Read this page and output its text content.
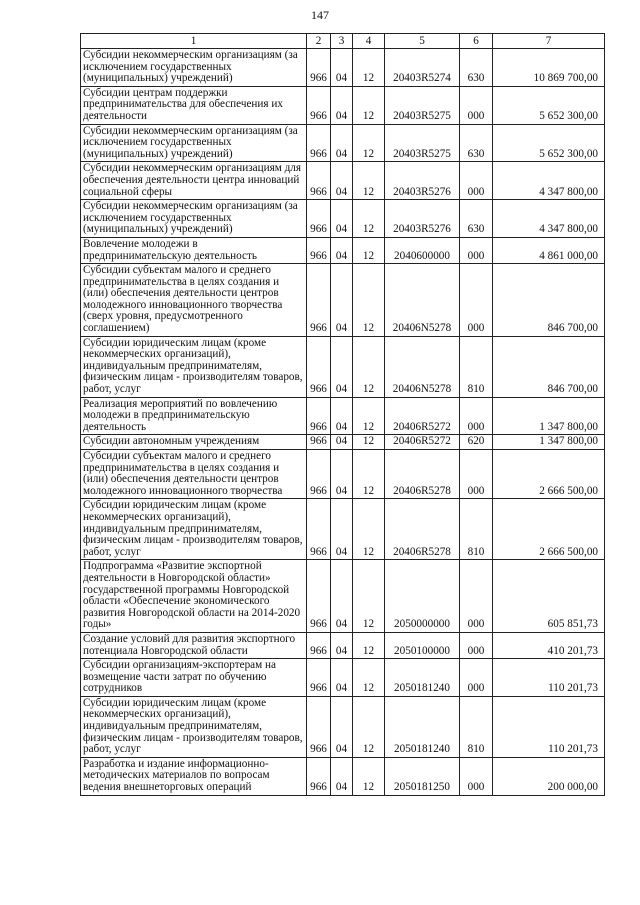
147
1	2	3	4	5	6	7
Субсидии некоммерческим организациям (за исключением государственных (муниципальных) учреждений)	966	04	12	20403R5274	630	10 869 700,00
Субсидии центрам поддержки предпринимательства для обеспечения их деятельности	966	04	12	20403R5275	000	5 652 300,00
Субсидии некоммерческим организациям (за исключением государственных (муниципальных) учреждений)	966	04	12	20403R5275	630	5 652 300,00
Субсидии некоммерческим организациям для обеспечения деятельности центра инноваций социальной сферы	966	04	12	20403R5276	000	4 347 800,00
Субсидии некоммерческим организациям (за исключением государственных (муниципальных) учреждений)	966	04	12	20403R5276	630	4 347 800,00
Вовлечение молодежи в предпринимательскую деятельность	966	04	12	2040600000	000	4 861 000,00
Субсидии субъектам малого и среднего предпринимательства в целях создания и (или) обеспечения деятельности центров молодежного инновационного творчества (сверх уровня, предусмотренного соглашением)	966	04	12	20406N5278	000	846 700,00
Субсидии юридическим лицам (кроме некоммерческих организаций), индивидуальным предпринимателям, физическим лицам - производителям товаров, работ, услуг	966	04	12	20406N5278	810	846 700,00
Реализация мероприятий по вовлечению молодежи в предпринимательскую деятельность	966	04	12	20406R5272	000	1 347 800,00
Субсидии автономным учреждениям	966	04	12	20406R5272	620	1 347 800,00
Субсидии субъектам малого и среднего предпринимательства в целях создания и (или) обеспечения деятельности центров молодежного инновационного творчества	966	04	12	20406R5278	000	2 666 500,00
Субсидии юридическим лицам (кроме некоммерческих организаций), индивидуальным предпринимателям, физическим лицам - производителям товаров, работ, услуг	966	04	12	20406R5278	810	2 666 500,00
Подпрограмма «Развитие экспортной деятельности в Новгородской области» государственной программы Новгородской области «Обеспечение экономического развития Новгородской области на 2014-2020 годы»	966	04	12	2050000000	000	605 851,73
Создание условий для развития экспортного потенциала Новгородской области	966	04	12	2050100000	000	410 201,73
Субсидии организациям-экспортерам на возмещение части затрат по обучению сотрудников	966	04	12	2050181240	000	110 201,73
Субсидии юридическим лицам (кроме некоммерческих организаций), индивидуальным предпринимателям, физическим лицам - производителям товаров, работ, услуг	966	04	12	2050181240	810	110 201,73
Разработка и издание информационно-методических материалов по вопросам ведения внешнеторговых операций	966	04	12	2050181250	000	200 000,00
